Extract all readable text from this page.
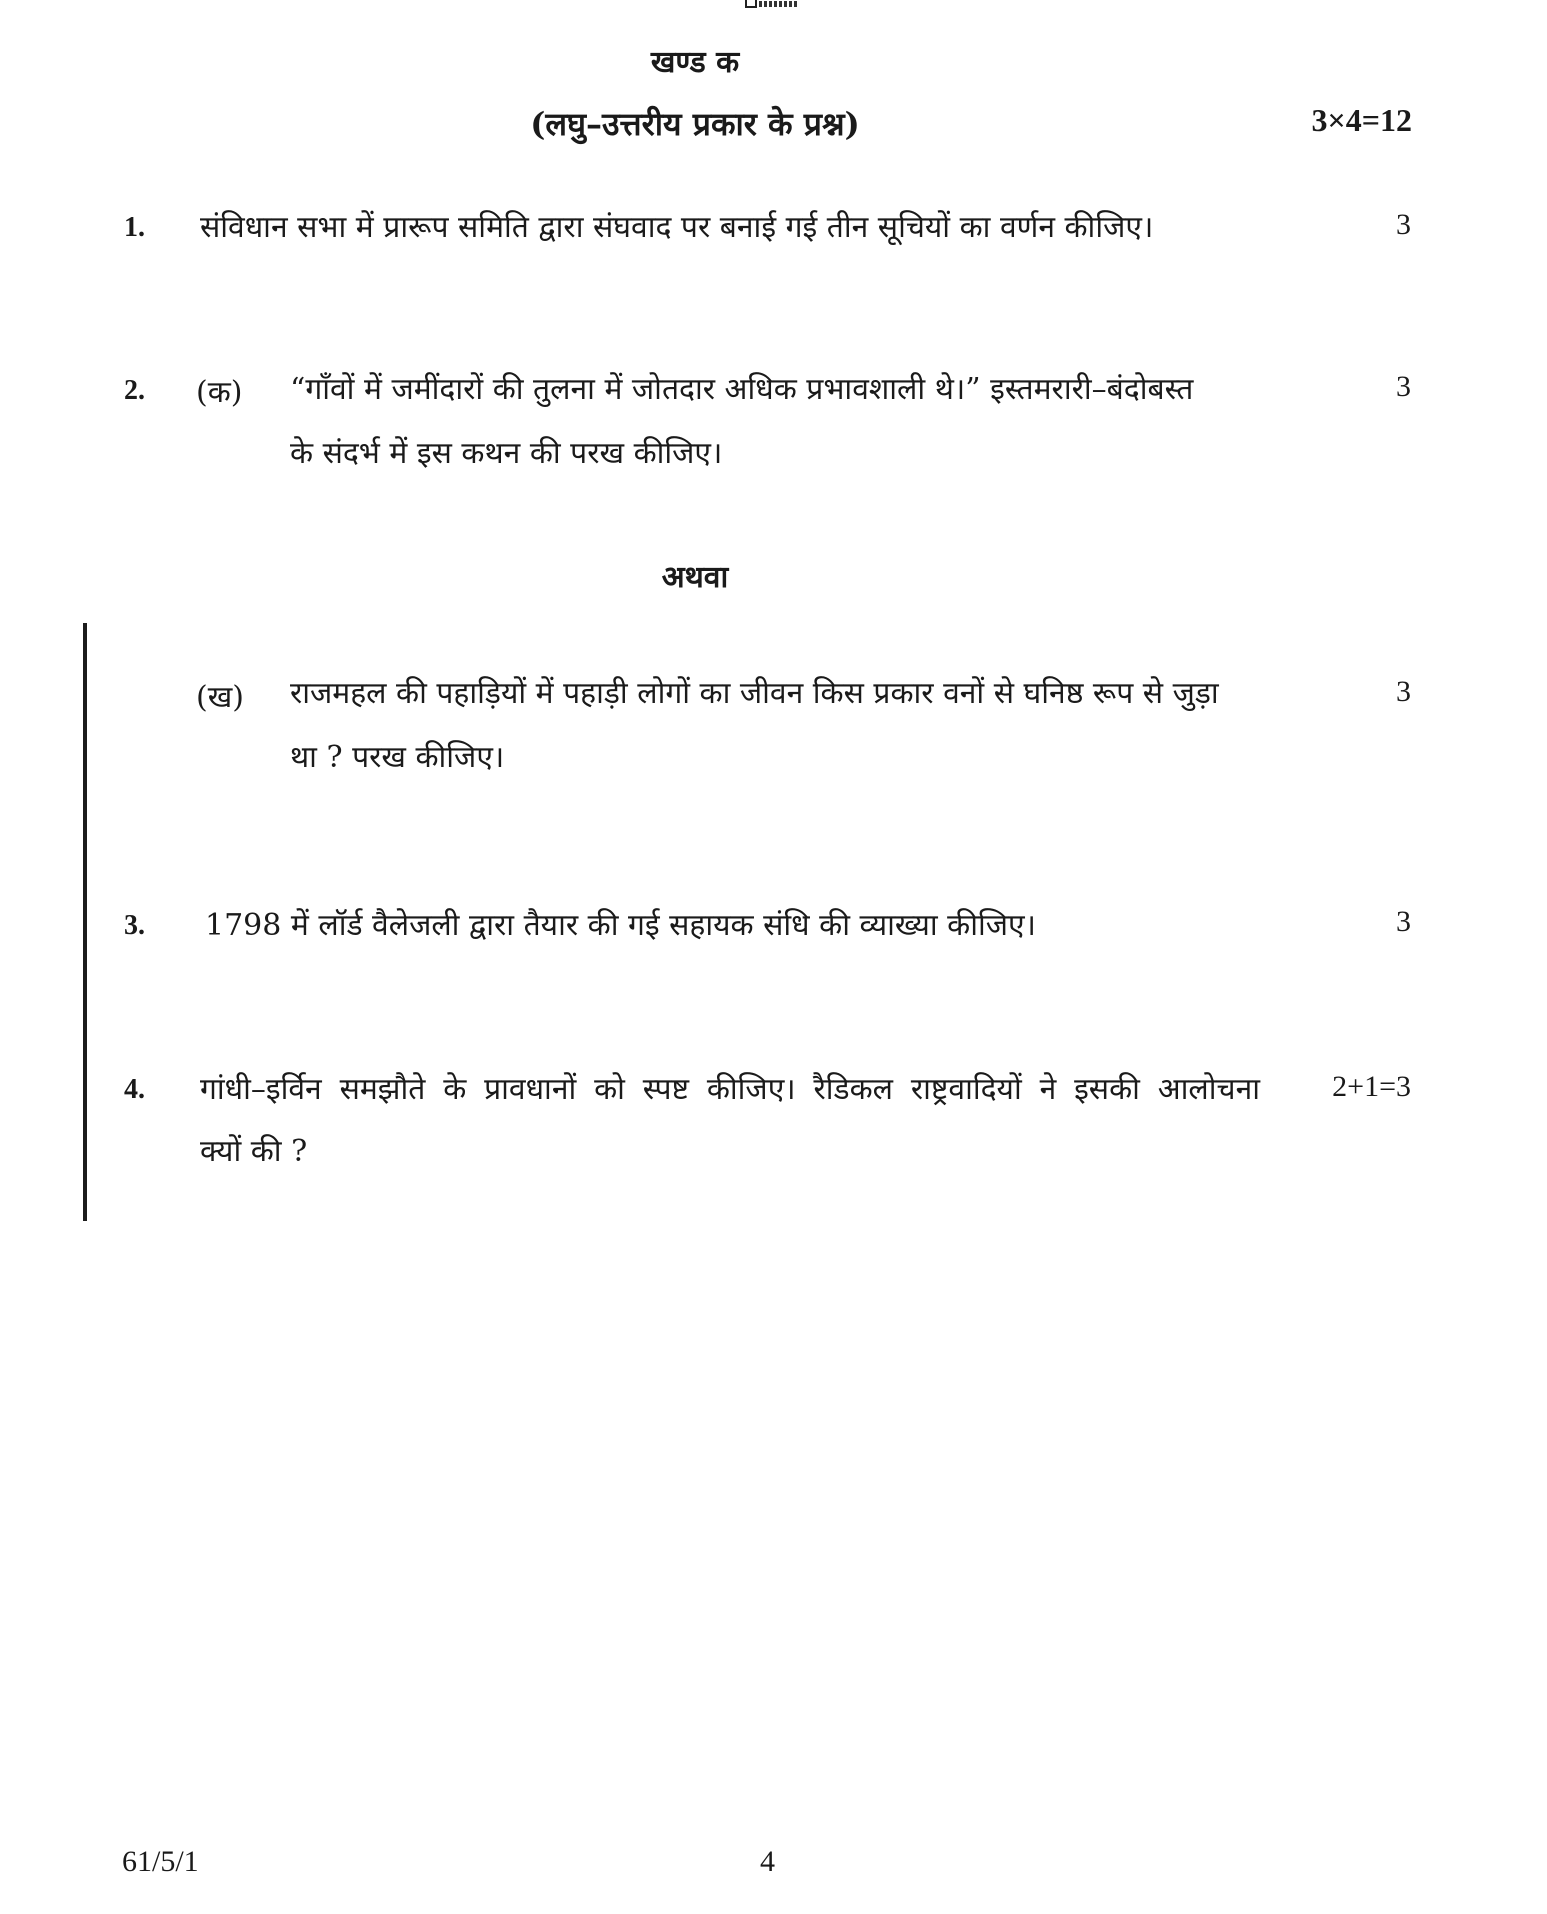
खण्ड क
(लघु–उत्तरीय प्रकार के प्रश्न)	3×4=12
1. संविधान सभा में प्रारूप समिति द्वारा संघवाद पर बनाई गई तीन सूचियों का वर्णन कीजिए।	3
2. (क) “गाँवों में जमींदारों की तुलना में जोतदार अधिक प्रभावशाली थे।” इस्तमरारी–बंदोबस्त
के संदर्भ में इस कथन की परख कीजिए।
3
अथवा
(ख) राजमहल की पहाड़ियों में पहाड़ी लोगों का जीवन किस प्रकार वनों से घनिष्ठ रूप से जुड़ा
था ? परख कीजिए।
3
3. 1798 में लॉर्ड वैलेजली द्वारा तैयार की गई सहायक संधि की व्याख्या कीजिए।	3
4. गांधी–इर्विन समझौते के प्रावधानों को स्पष्ट कीजिए। रैडिकल राष्ट्रवादियों ने इसकी आलोचना
क्यों की ?
2+1=3
61/5/1	4
